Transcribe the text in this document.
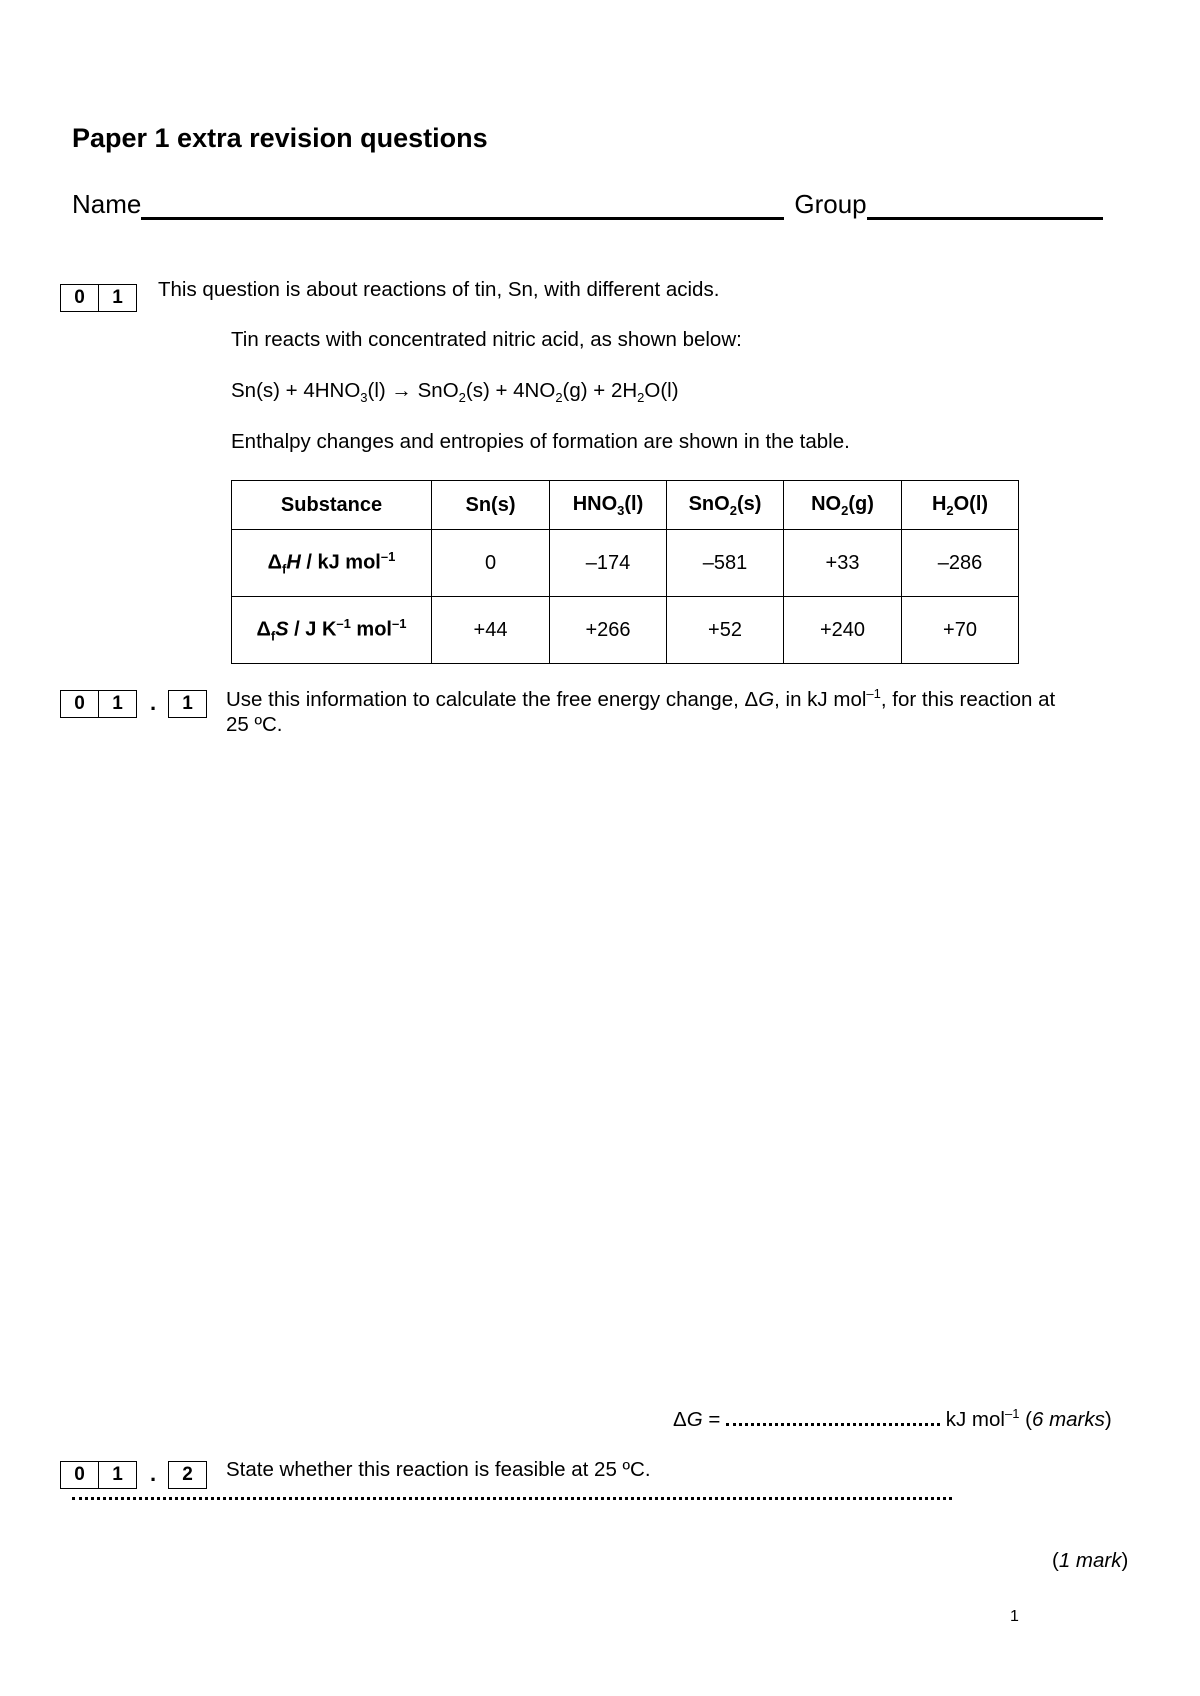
Paper 1 extra revision questions
Name	Group
0	1	This question is about reactions of tin, Sn, with different acids.
Tin reacts with concentrated nitric acid, as shown below:
$Sn(s) + 4HNO_3(l) \to SnO_2(s) + 4NO_2(g) + 2H_2O(l)$
Enthalpy changes and entropies of formation are shown in the table.
Substance	Sn(s)	$HNO_3(l)$	SnO$_2$(s)	$NO_2(g)$	$H_2O(l)$
$\Delta_fH$ / kJ mol$^{-1}$	0	–174	–581	+33	–286
$\Delta_fS$ / J $K^{-1}$ mol$^{-1}$	+44	+266	+52	+240	+70
0	1	.	1	Use this information to calculate the free energy change, ΔG, in kJ mol$^{-1}$, for this reaction at
25 ºC.
ΔG =	kJ mol$^{-1}$ (6 marks)
0	1	.	2	State whether this reaction is feasible at 25 ºC.
(1 mark)
1
